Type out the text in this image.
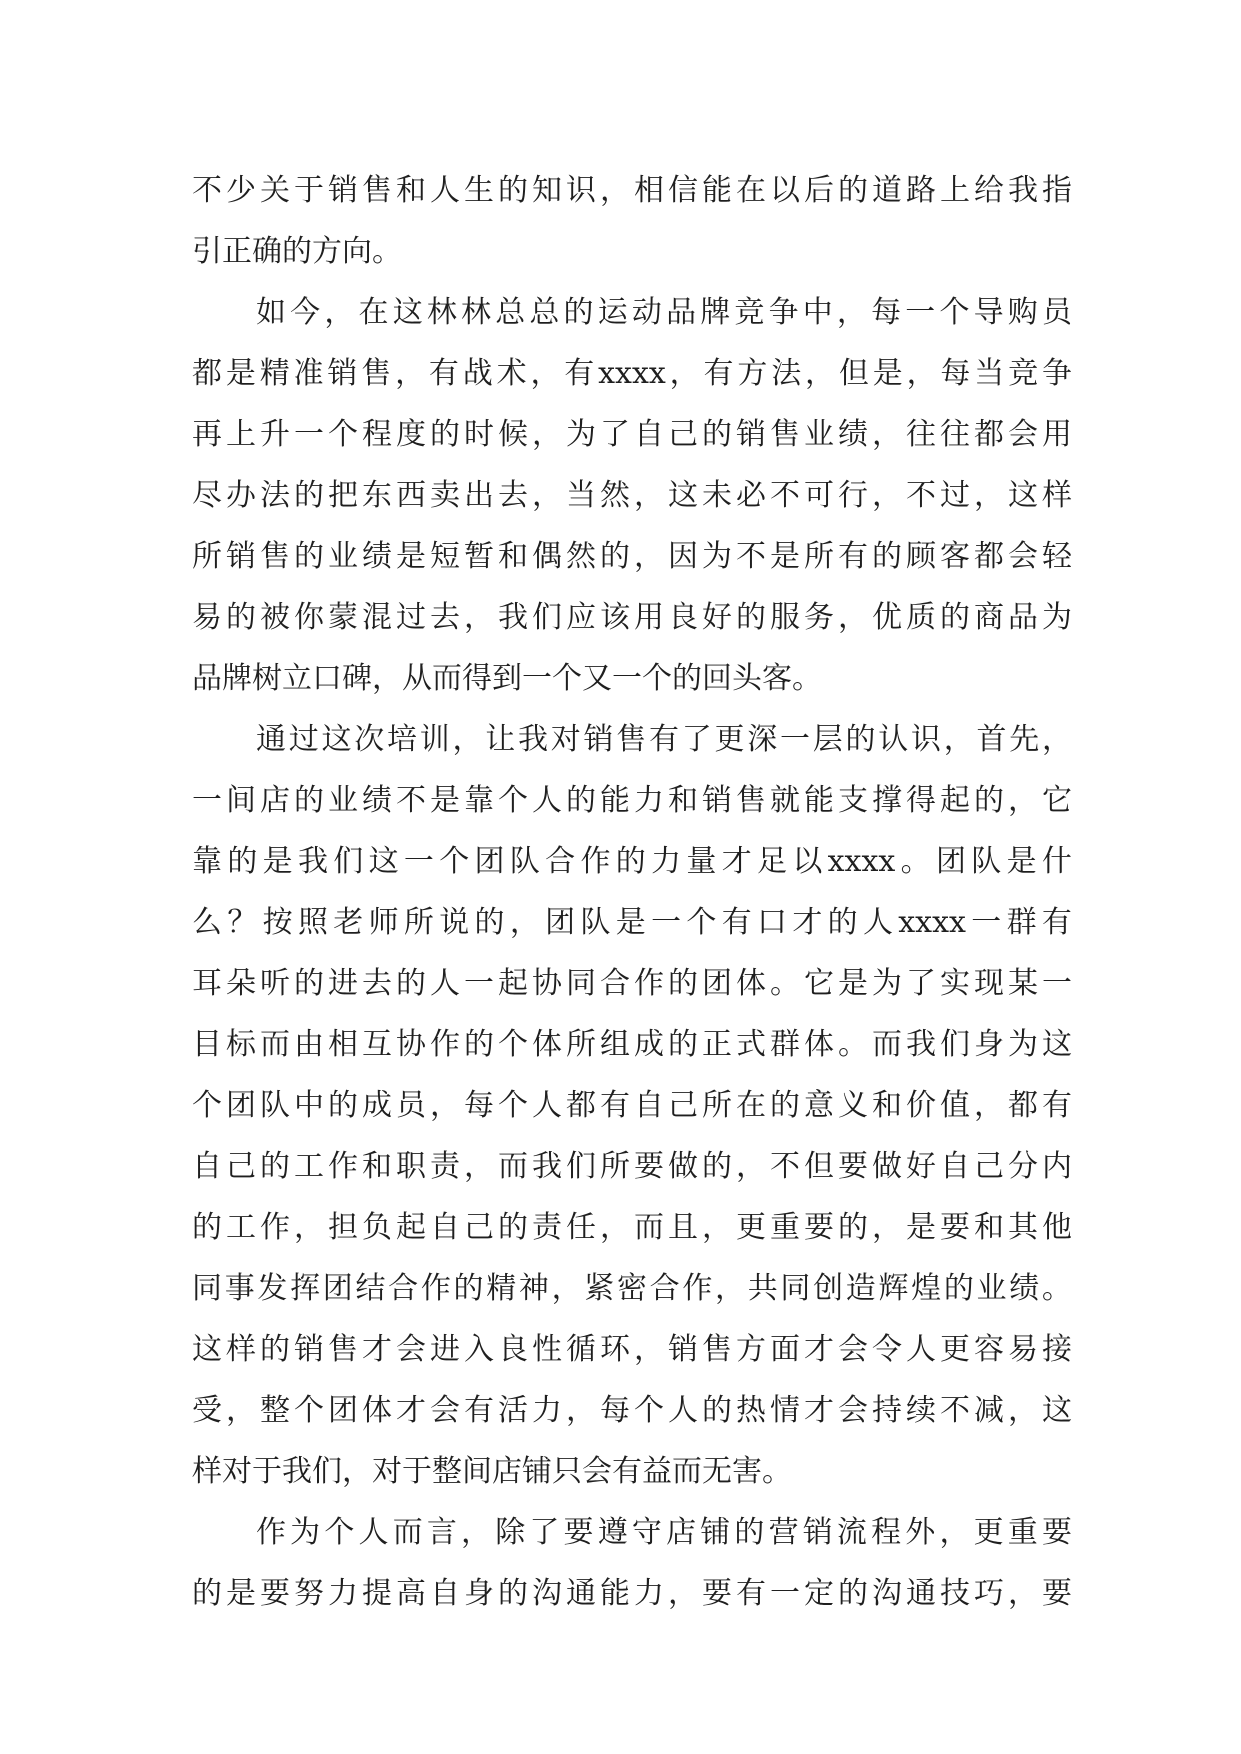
不 少 关 于 销 售 和 人 生 的 知 识 ， 相 信 能 在 以 后 的 道 路 上 给 我 指
引正确的方向。
如 今 ， 在 这 林 林 总 总 的 运 动 品 牌 竞 争 中 ， 每 一 个 导 购 员
都 是 精 准 销 售 ， 有 战 术 ， 有 xxxx ， 有 方 法 ， 但 是 ， 每 当 竞 争
再 上 升 一 个 程 度 的 时 候 ， 为 了 自 己 的 销 售 业 绩 ， 往 往 都 会 用
尽 办 法 的 把 东 西 卖 出 去 ， 当 然 ， 这 未 必 不 可 行 ， 不 过 ， 这 样
所 销 售 的 业 绩 是 短 暂 和 偶 然 的 ， 因 为 不 是 所 有 的 顾 客 都 会 轻
易 的 被 你 蒙 混 过 去 ， 我 们 应 该 用 良 好 的 服 务 ， 优 质 的 商 品 为
品牌树立口碑，从而得到一个又一个的回头客。
通 过 这 次 培 训 ， 让 我 对 销 售 有 了 更 深 一 层 的 认 识 ， 首 先 ，
一 间 店 的 业 绩 不 是 靠 个 人 的 能 力 和 销 售 就 能 支 撑 得 起 的 ， 它
靠 的 是 我 们 这 一 个 团 队 合 作 的 力 量 才 足 以 xxxx 。 团 队 是 什
么 ？ 按 照 老 师 所 说 的 ， 团 队 是 一 个 有 口 才 的 人 xxxx 一 群 有
耳 朵 听 的 进 去 的 人 一 起 协 同 合 作 的 团 体 。 它 是 为 了 实 现 某 一
目 标 而 由 相 互 协 作 的 个 体 所 组 成 的 正 式 群 体 。 而 我 们 身 为 这
个 团 队 中 的 成 员 ， 每 个 人 都 有 自 己 所 在 的 意 义 和 价 值 ， 都 有
自 己 的 工 作 和 职 责 ， 而 我 们 所 要 做 的 ， 不 但 要 做 好 自 己 分 内
的 工 作 ， 担 负 起 自 己 的 责 任 ， 而 且 ， 更 重 要 的 ， 是 要 和 其 他
同 事 发 挥 团 结 合 作 的 精 神 ， 紧 密 合 作 ， 共 同 创 造 辉 煌 的 业 绩 。
这 样 的 销 售 才 会 进 入 良 性 循 环 ， 销 售 方 面 才 会 令 人 更 容 易 接
受 ， 整 个 团 体 才 会 有 活 力 ， 每 个 人 的 热 情 才 会 持 续 不 减 ， 这
样对于我们，对于整间店铺只会有益而无害。
作 为 个 人 而 言 ， 除 了 要 遵 守 店 铺 的 营 销 流 程 外 ， 更 重 要
的 是 要 努 力 提 高 自 身 的 沟 通 能 力 ， 要 有 一 定 的 沟 通 技 巧 ， 要
